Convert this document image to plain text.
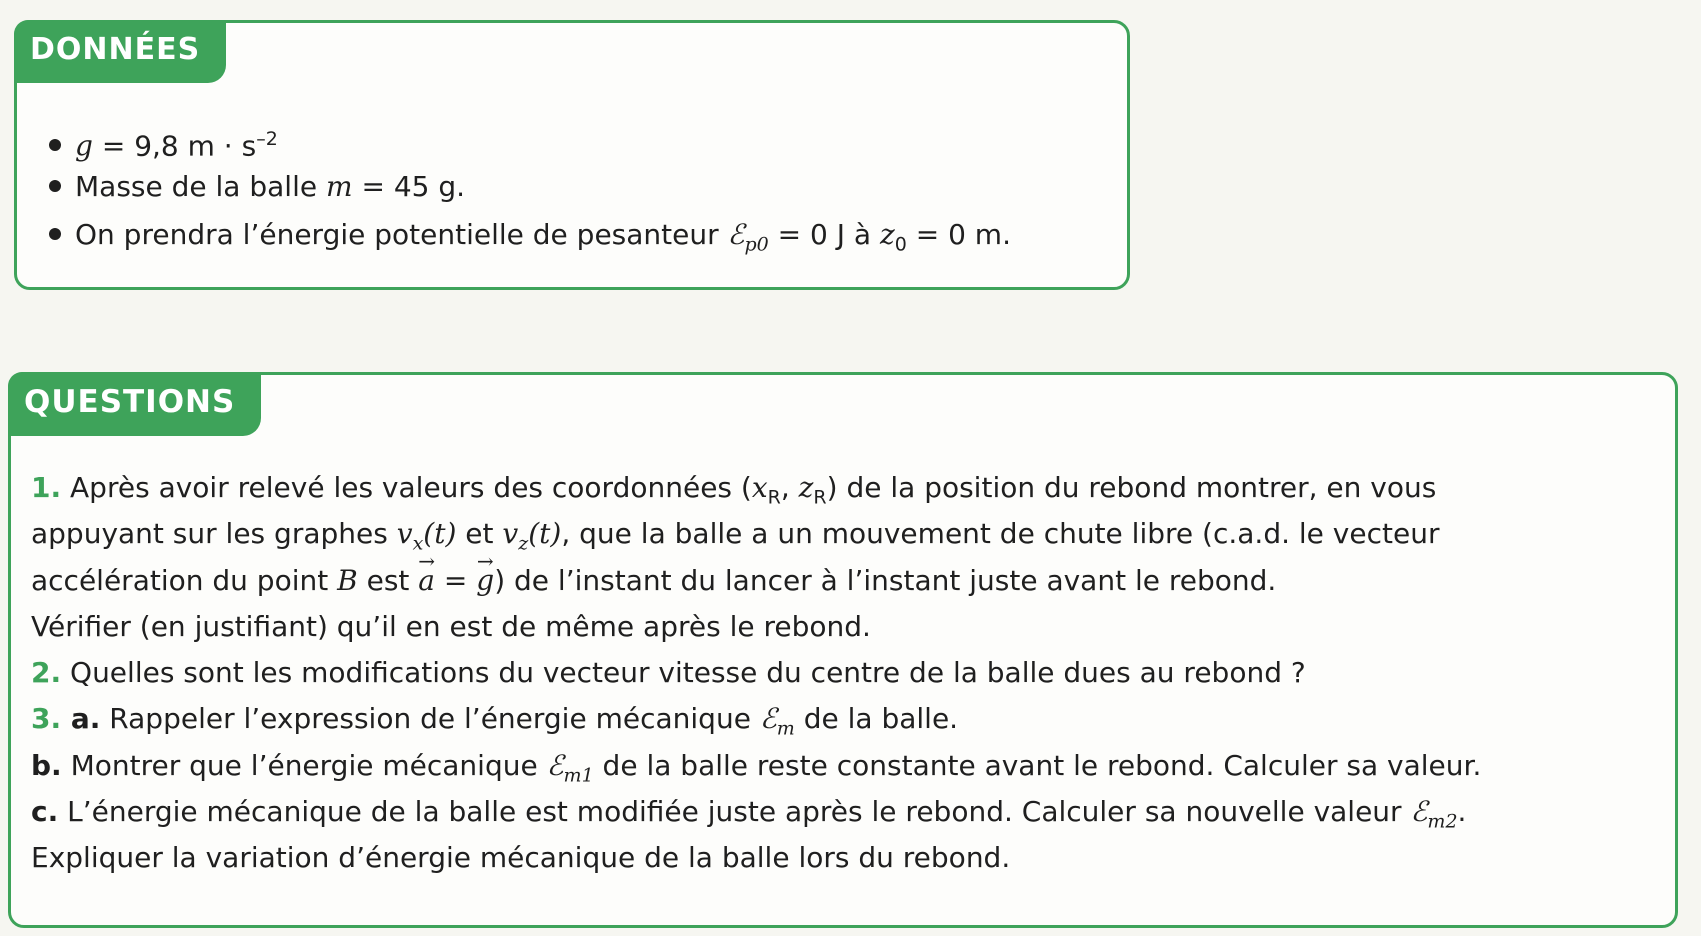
DONNÉES
g = 9,8 $m \cdot s^{-2}$
Masse de la balle m = 45 g.
On prendra l’énergie potentielle de pesanteur ℰ$_{p0}$ = 0 J à $z_0 = 0$ m.
QUESTIONS
1. Après avoir relevé les valeurs des coordonnées ($x_R$, $z_R$) de la position du rebond montrer, en vous
appuyant sur les graphes $v_x(t)$ et $v_z(t)$, que la balle a un mouvement de chute libre (c.a.d. le vecteur
accélération du point B est → a = → g) de l’instant du lancer à l’instant juste avant le rebond.
Vérifier (en justifiant) qu’il en est de même après le rebond.
2. Quelles sont les modifications du vecteur vitesse du centre de la balle dues au rebond ?
3. a. Rappeler l’expression de l’énergie mécanique ℰ$_m$ de la balle.
b. Montrer que l’énergie mécanique ℰ$_{m1}$ de la balle reste constante avant le rebond. Calculer sa valeur.
c. L’énergie mécanique de la balle est modifiée juste après le rebond. Calculer sa nouvelle valeur ℰ$_{m2}$.
Expliquer la variation d’énergie mécanique de la balle lors du rebond.
